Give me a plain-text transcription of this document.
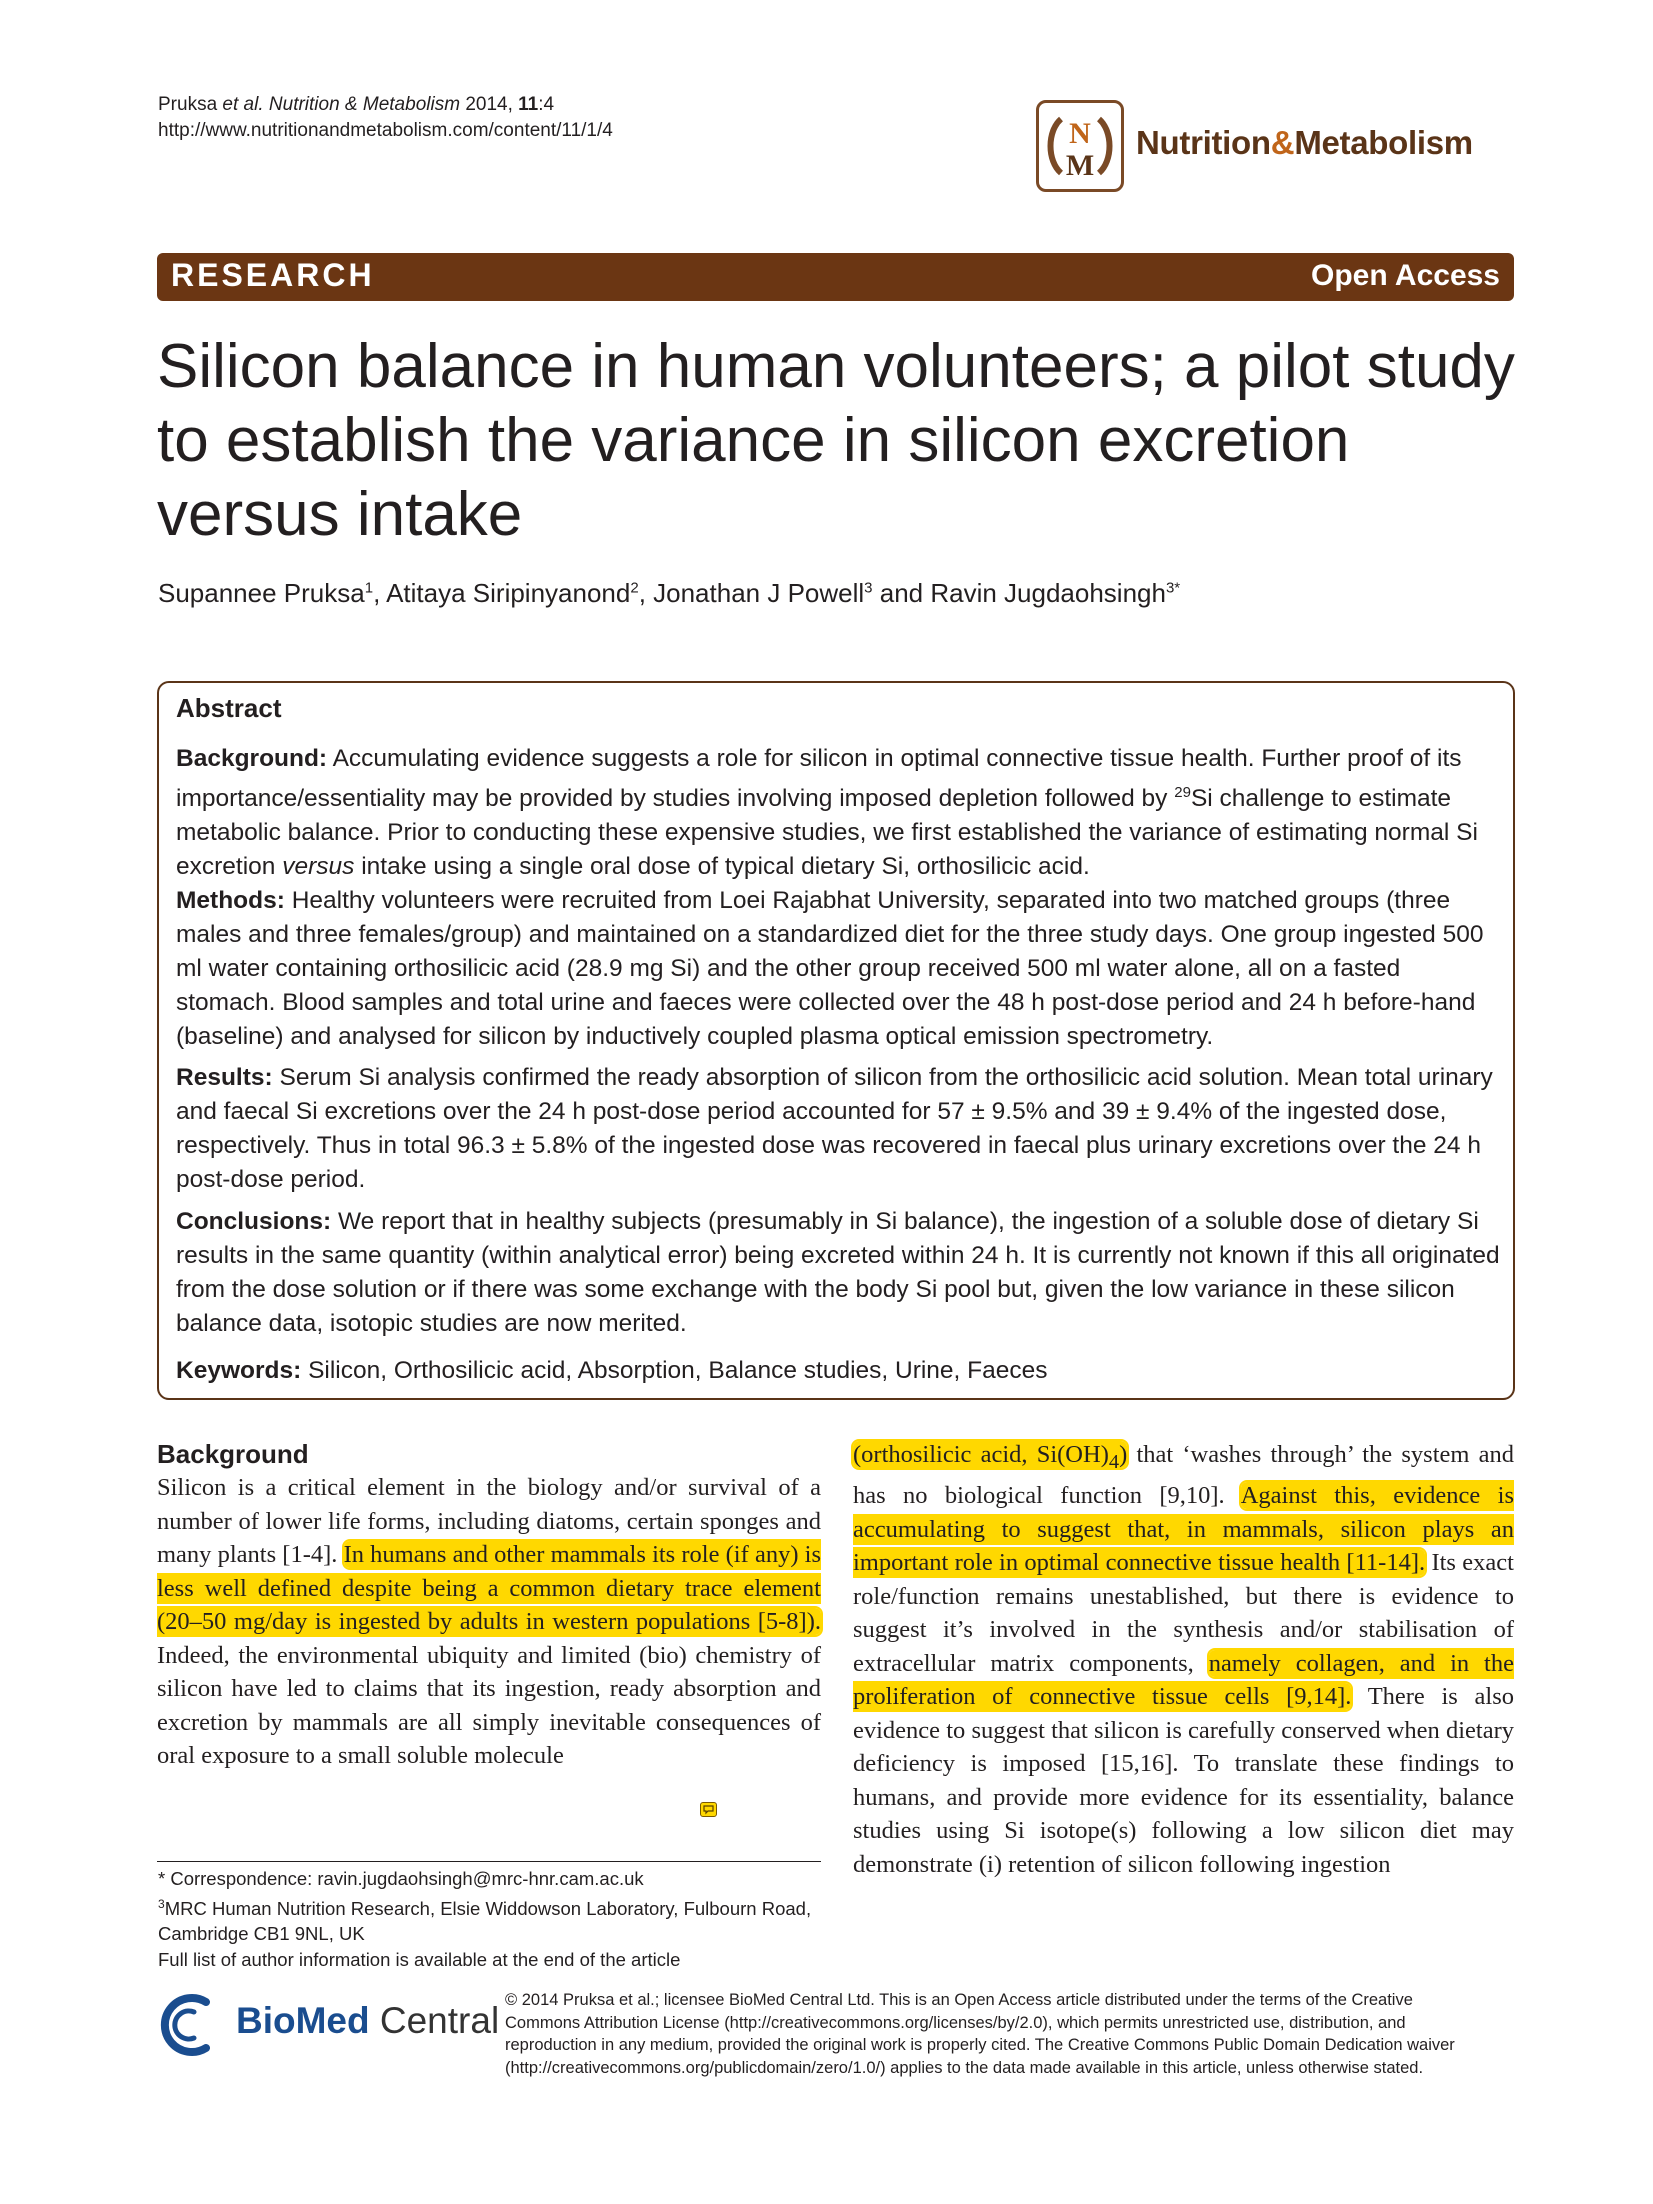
Pruksa et al. Nutrition & Metabolism 2014, 11:4
http://www.nutritionandmetabolism.com/content/11/1/4	N
M
Nutrition&Metabolism
RESEARCH	Open Access
Silicon balance in human volunteers; a pilot study to establish the variance in silicon excretion versus intake
Supannee Pruksa$^1$, Atitaya Siripinyanond$^2$, Jonathan J Powell$^3$ and Ravin Jugdaohsingh$^{3*}$
Abstract
Background: Accumulating evidence suggests a role for silicon in optimal connective tissue health. Further proof of its importance/essentiality may be provided by studies involving imposed depletion followed by $^{29}$Si challenge to estimate metabolic balance. Prior to conducting these expensive studies, we first established the variance of estimating normal Si excretion versus intake using a single oral dose of typical dietary Si, orthosilicic acid.
Methods: Healthy volunteers were recruited from Loei Rajabhat University, separated into two matched groups (three males and three females/group) and maintained on a standardized diet for the three study days. One group ingested 500 ml water containing orthosilicic acid (28.9 mg Si) and the other group received 500 ml water alone, all on a fasted stomach. Blood samples and total urine and faeces were collected over the 48 h post-dose period and 24 h before-hand (baseline) and analysed for silicon by inductively coupled plasma optical emission spectrometry.
Results: Serum Si analysis confirmed the ready absorption of silicon from the orthosilicic acid solution. Mean total urinary and faecal Si excretions over the 24 h post-dose period accounted for 57 ± 9.5% and 39 ± 9.4% of the ingested dose, respectively. Thus in total 96.3 ± 5.8% of the ingested dose was recovered in faecal plus urinary excretions over the 24 h post-dose period.
Conclusions: We report that in healthy subjects (presumably in Si balance), the ingestion of a soluble dose of dietary Si results in the same quantity (within analytical error) being excreted within 24 h. It is currently not known if this all originated from the dose solution or if there was some exchange with the body Si pool but, given the low variance in these silicon balance data, isotopic studies are now merited.
Keywords: Silicon, Orthosilicic acid, Absorption, Balance studies, Urine, Faeces
Background
Silicon is a critical element in the biology and/or survival of a number of lower life forms, including diatoms, certain sponges and many plants [1-4]. In humans and other mammals its role (if any) is less well defined despite being a common dietary trace element (20–50 mg/day is ingested by adults in western populations [5-8]). Indeed, the environmental ubiquity and limited (bio) chemistry of silicon have led to claims that its ingestion, ready absorption and excretion by mammals are all simply inevitable consequences of oral exposure to a small soluble molecule
(orthosilicic acid, $Si(OH)_4$) that ‘washes through’ the system and has no biological function [9,10]. Against this, evidence is accumulating to suggest that, in mammals, silicon plays an important role in optimal connective tissue health [11-14]. Its exact role/function remains unestablished, but there is evidence to suggest it’s involved in the synthesis and/or stabilisation of extracellular matrix components, namely collagen, and in the proliferation of connective tissue cells [9,14]. There is also evidence to suggest that silicon is carefully conserved when dietary deficiency is imposed [15,16]. To translate these findings to humans, and provide more evidence for its essentiality, balance studies using Si isotope(s) following a low silicon diet may demonstrate (i) retention of silicon following ingestion
* Correspondence: ravin.jugdaohsingh@mrc-hnr.cam.ac.uk
$^3$MRC Human Nutrition Research, Elsie Widdowson Laboratory, Fulbourn Road, Cambridge CB1 9NL, UK
Full list of author information is available at the end of the article
BioMed Central © 2014 Pruksa et al.; licensee BioMed Central Ltd. This is an Open Access article distributed under the terms of the Creative Commons Attribution License (http://creativecommons.org/licenses/by/2.0), which permits unrestricted use, distribution, and reproduction in any medium, provided the original work is properly cited. The Creative Commons Public Domain Dedication waiver (http://creativecommons.org/publicdomain/zero/1.0/) applies to the data made available in this article, unless otherwise stated.
